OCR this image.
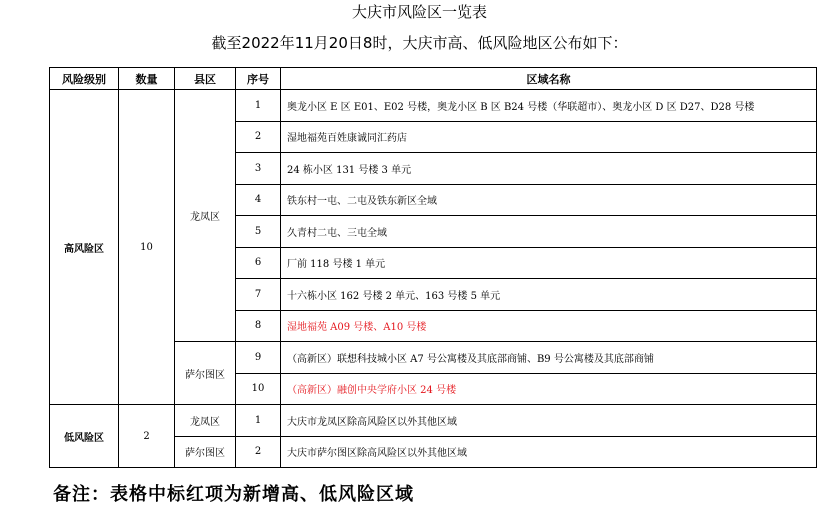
大庆市风险区一览表
截至2022年11月20日8时，大庆市高、低风险地区公布如下：
风险级别	数量	县区	序号	区域名称
高风险区	10	龙凤区	1	奥龙小区 E 区 E01、E02 号楼，奥龙小区 B 区 B24 号楼（华联超市）、奥龙小区 D 区 D27、D28 号楼
			2	湿地福苑百姓康诚同汇药店
			3	24 栋小区 131 号楼 3 单元
			4	铁东村一屯、二屯及铁东新区全域
			5	久青村二屯、三屯全域
			6	厂前 118 号楼 1 单元
			7	十六栋小区 162 号楼 2 单元、163 号楼 5 单元
			8	湿地福苑 A09 号楼、A10 号楼
		萨尔图区	9	（高新区）联想科技城小区 A7 号公寓楼及其底部商铺、B9 号公寓楼及其底部商铺
			10	（高新区）融创中央学府小区 24 号楼
低风险区	2	龙凤区	1	大庆市龙凤区除高风险区以外其他区域
		萨尔图区	2	大庆市萨尔图区除高风险区以外其他区域
备注：表格中标红项为新增高、低风险区域
